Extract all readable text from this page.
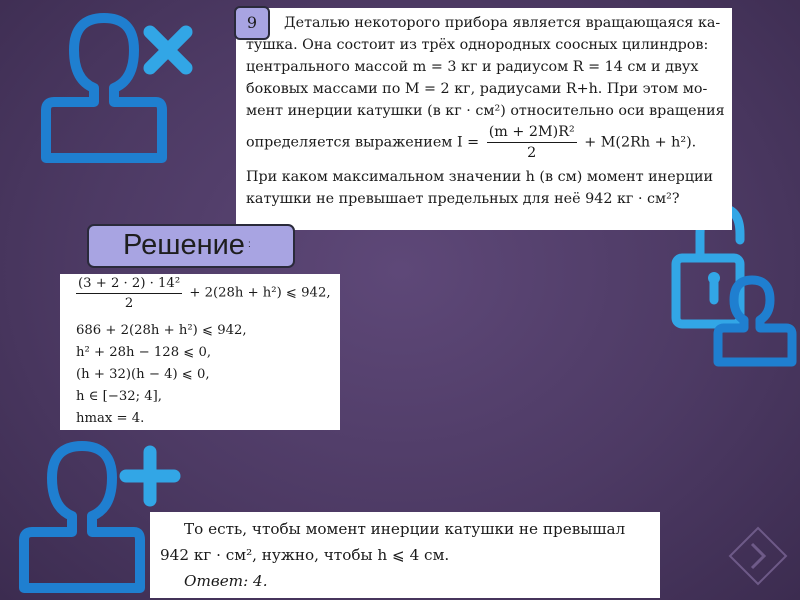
9	Деталью некоторого прибора является вращающаяся ка-
тушка. Она состоит из трёх однородных соосных цилиндров:
центрального массой m = 3 кг и радиусом R = 14 см и двух
боковых массами по M = 2 кг, радиусами R+h. При этом мо-
мент инерции катушки (в кг · см²) относительно оси вращения
определяется выражением $I = \frac{\text{(m + 2M)R²}}{2} + M(2Rh + h^2)$.
При каком максимальном значении h (в см) момент инерции
катушки не превышает предельных для неё 942 кг · см²?
Решение :
$\frac{\text{(3 + 2 · 2) · 14²}}{2} + 2(28h + h^2)$ ⩽ 942,
686 + 2(28h + h²) ⩽ 942,
h² + 28h − 128 ⩽ 0,
(h + 32)(h − 4) ⩽ 0,
h ∈ [−32; 4],
hmax = 4.
То есть, чтобы момент инерции катушки не превышал
942 кг · см², нужно, чтобы h ⩽ 4 см.
Ответ: 4.
